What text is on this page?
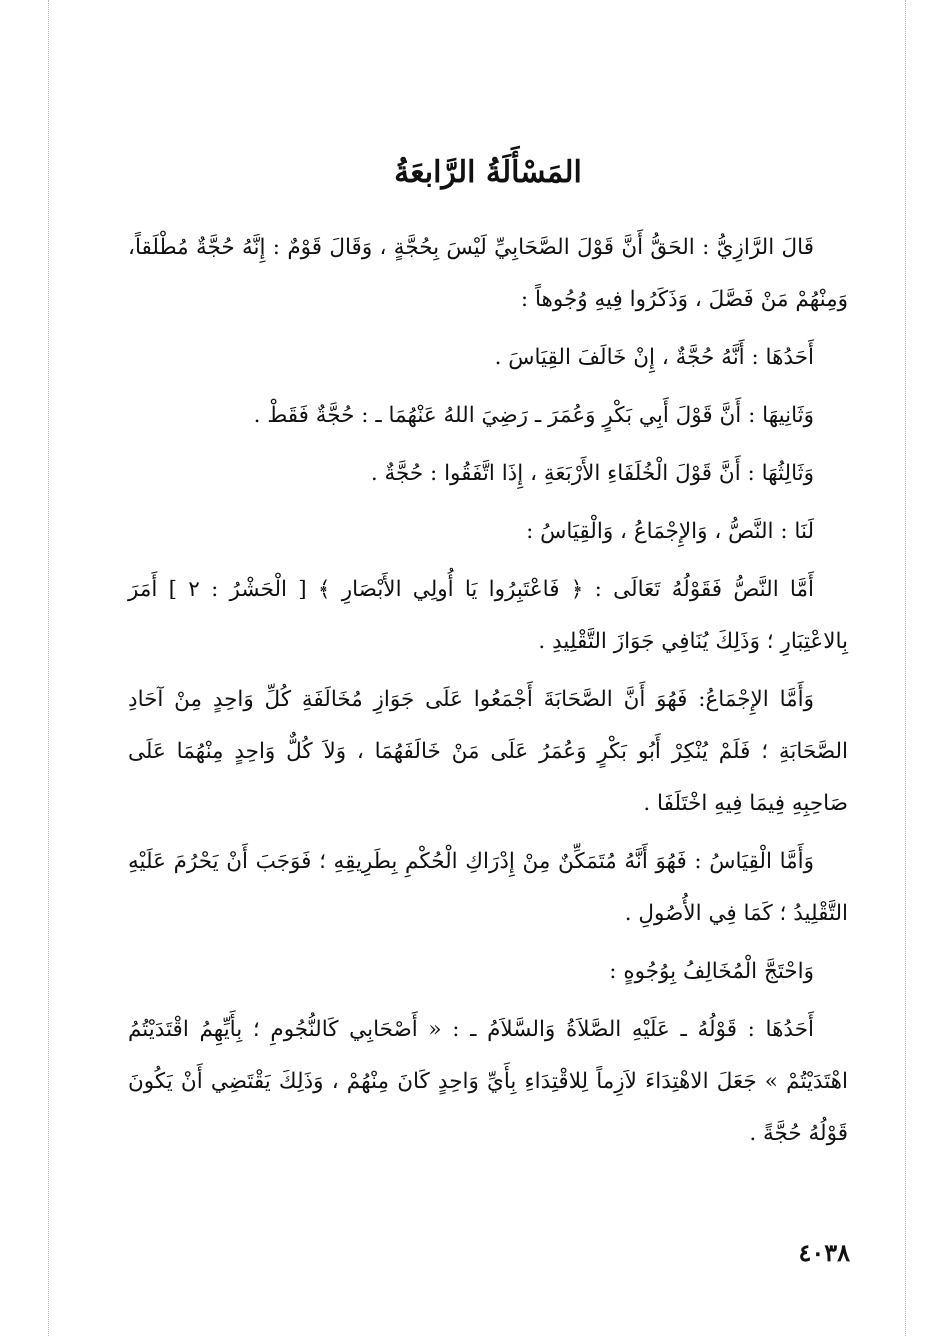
المَسْأَلَةُ الرَّابعَةُ

قَالَ الرَّازِيُّ : الحَقُّ أَنَّ قَوْلَ الصَّحَابِيِّ لَيْسَ بِحُجَّةٍ ، وَقَالَ قَوْمٌ : إِنَّهُ حُجَّةٌ مُطْلَقاً، وَمِنْهُمْ مَنْ فَصَّلَ ، وَذَكَرُوا فِيهِ وُجُوهاً :

أَحَدُهَا : أَنَّهُ حُجَّةٌ ، إِنْ خَالَفَ القِيَاسَ .

وَثَانِيهَا : أَنَّ قَوْلَ أَبِي بَكْرٍ وَعُمَرَ ـ رَضِيَ اللهُ عَنْهُمَا ـ : حُجَّةٌ فَقَطْ .

وَثَالِثُهَا : أَنَّ قَوْلَ الْخُلَفَاءِ الأَرْبَعَةِ ، إِذَا اتَّفَقُوا : حُجَّةٌ .

لَنَا : النَّصُّ ، وَالإِجْمَاعُ ، وَالْقِيَاسُ :

أَمَّا النَّصُّ فَقَوْلُهُ تَعَالَى : ﴿ فَاعْتَبِرُوا يَا أُولِي الأَبْصَارِ ﴾ [ الْحَشْرُ : ٢ ] أَمَرَ بِالاعْتِبَارِ ؛ وَذَلِكَ يُنَافِي جَوَازَ التَّقْلِيدِ .

وَأَمَّا الإِجْمَاعُ: فَهُوَ أَنَّ الصَّحَابَةَ أَجْمَعُوا عَلَى جَوَازِ مُخَالَفَةِ كُلِّ وَاحِدٍ مِنْ آحَادِ الصَّحَابَةِ ؛ فَلَمْ يُنْكِرْ أَبُو بَكْرٍ وَعُمَرُ عَلَى مَنْ خَالَفَهُمَا ، وَلاَ كُلٌّ وَاحِدٍ مِنْهُمَا عَلَى صَاحِبِهِ فِيمَا فِيهِ اخْتَلَفَا .

وَأَمَّا الْقِيَاسُ : فَهُوَ أَنَّهُ مُتَمَكِّنٌ مِنْ إِدْرَاكِ الْحُكْمِ بِطَرِيقِهِ ؛ فَوَجَبَ أَنْ يَحْرُمَ عَلَيْهِ التَّقْلِيدُ ؛ كَمَا فِي الأُصُولِ .

وَاحْتَجَّ الْمُخَالِفُ بِوُجُوهٍ :

أَحَدُهَا : قَوْلُهُ ـ عَلَيْهِ الصَّلاَةُ وَالسَّلاَمُ ـ : « أَصْحَابِي كَالنُّجُومِ ؛ بِأَيِّهِمُ اقْتَدَيْتُمُ اهْتَدَيْتُمْ » جَعَلَ الاهْتِدَاءَ لاَزِماً لِلاقْتِدَاءِ بِأَيِّ وَاحِدٍ كَانَ مِنْهُمْ ، وَذَلِكَ يَقْتَضِي أَنْ يَكُونَ قَوْلُهُ حُجَّةً .

٤٠٣٨
